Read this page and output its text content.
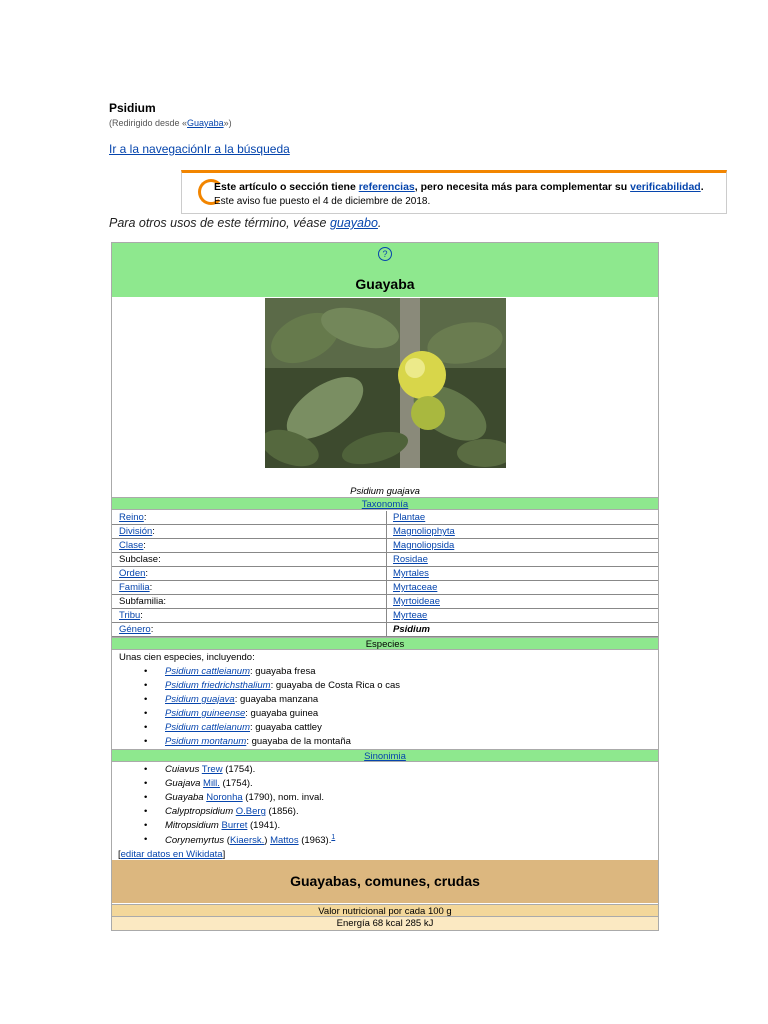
Psidium
(Redirigido desde «Guayaba»)
Ir a la navegaciónIr a la búsqueda
Este artículo o sección tiene referencias, pero necesita más para complementar su verificabilidad.
Este aviso fue puesto el 4 de diciembre de 2018.
Para otros usos de este término, véase guayabo.
?
Guayaba
Psidium guajava
Taxonomía
Reino:	Plantae
División:	Magnoliophyta
Clase:	Magnoliopsida
Subclase:	Rosidae
Orden:	Myrtales
Familia:	Myrtaceae
Subfamilia:	Myrtoideae
Tribu:	Myrteae
Género:	Psidium
Especies
Unas cien especies, incluyendo:
• Psidium cattleianum: guayaba fresa
• Psidium friedrichsthalium: guayaba de Costa Rica o cas
• Psidium guajava: guayaba manzana
• Psidium guineense: guayaba guinea
• Psidium cattleianum: guayaba cattley
• Psidium montanum: guayaba de la montaña
Sinonimia
• Cuiavus Trew (1754).
• Guajava Mill. (1754).
• Guayaba Noronha (1790), nom. inval.
• Calyptropsidium O.Berg (1856).
• Mitropsidium Burret (1941).
• Corynemyrtus (Kiaersk.) Mattos (1963).$^1$
[editar datos en Wikidata]
Guayabas, comunes, crudas
Valor nutricional por cada 100 g
Energía 68 kcal 285 kJ
